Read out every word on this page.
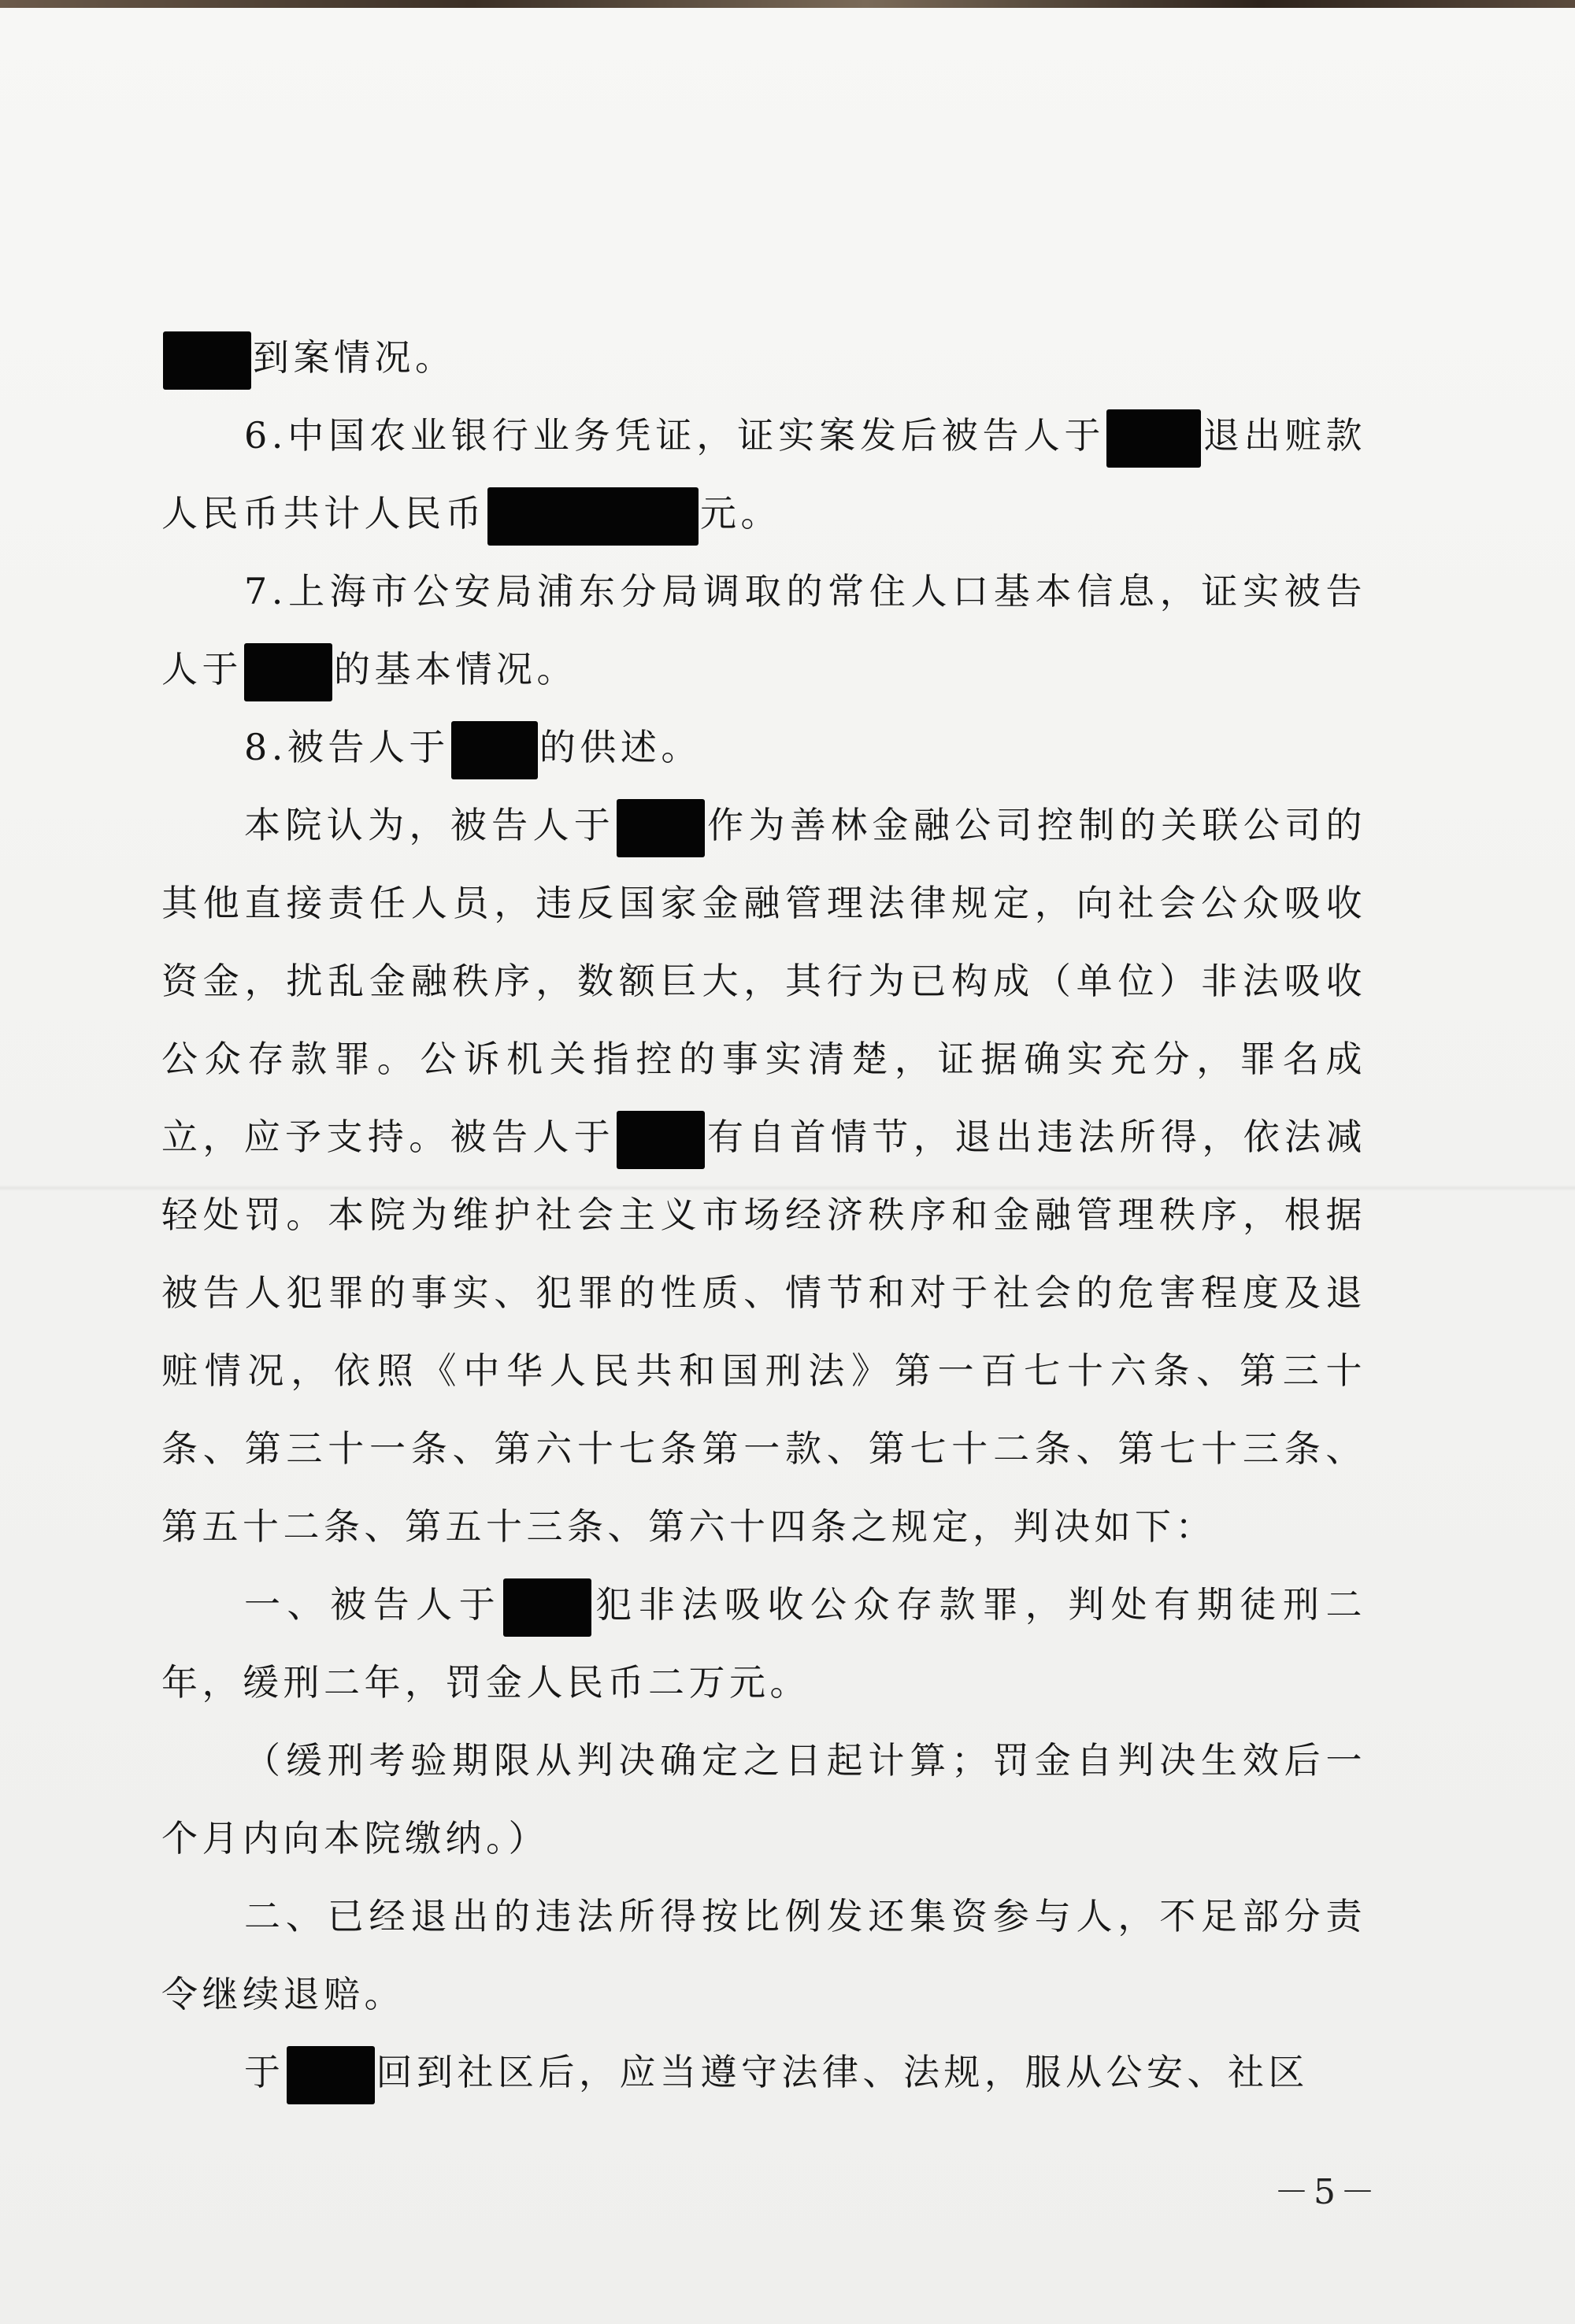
到案情况。

6.中国农业银行业务凭证，证实案发后被告人于	退出赃款人民币共计人民币	元。

7.上海市公安局浦东分局调取的常住人口基本信息，证实被告人于	的基本情况。

8.被告人于 的供述。

本院认为，被告人于	作为善林金融公司控制的关联公司的其他直接责任人员，违反国家金融管理法律规定，向社会公众吸收资金，扰乱金融秩序，数额巨大，其行为已构成（单位）非法吸收公众存款罪。公诉机关指控的事实清楚，证据确实充分，罪名成立，应予支持。被告人于	有自首情节，退出违法所得，依法减轻处罚。本院为维护社会主义市场经济秩序和金融管理秩序，根据被告人犯罪的事实、犯罪的性质、情节和对于社会的危害程度及退赃情况，依照《中华人民共和国刑法》第一百七十六条、第三十条、第三十一条、第六十七条第一款、第七十二条、第七十三条、第五十二条、第五十三条、第六十四条之规定，判决如下：

一、被告人于	犯非法吸收公众存款罪，判处有期徒刑二年，缓刑二年，罚金人民币二万元。

（缓刑考验期限从判决确定之日起计算；罚金自判决生效后一个月内向本院缴纳。）

二、已经退出的违法所得按比例发还集资参与人，不足部分责令继续退赔。

于	回到社区后，应当遵守法律、法规，服从公安、社区

－5－
